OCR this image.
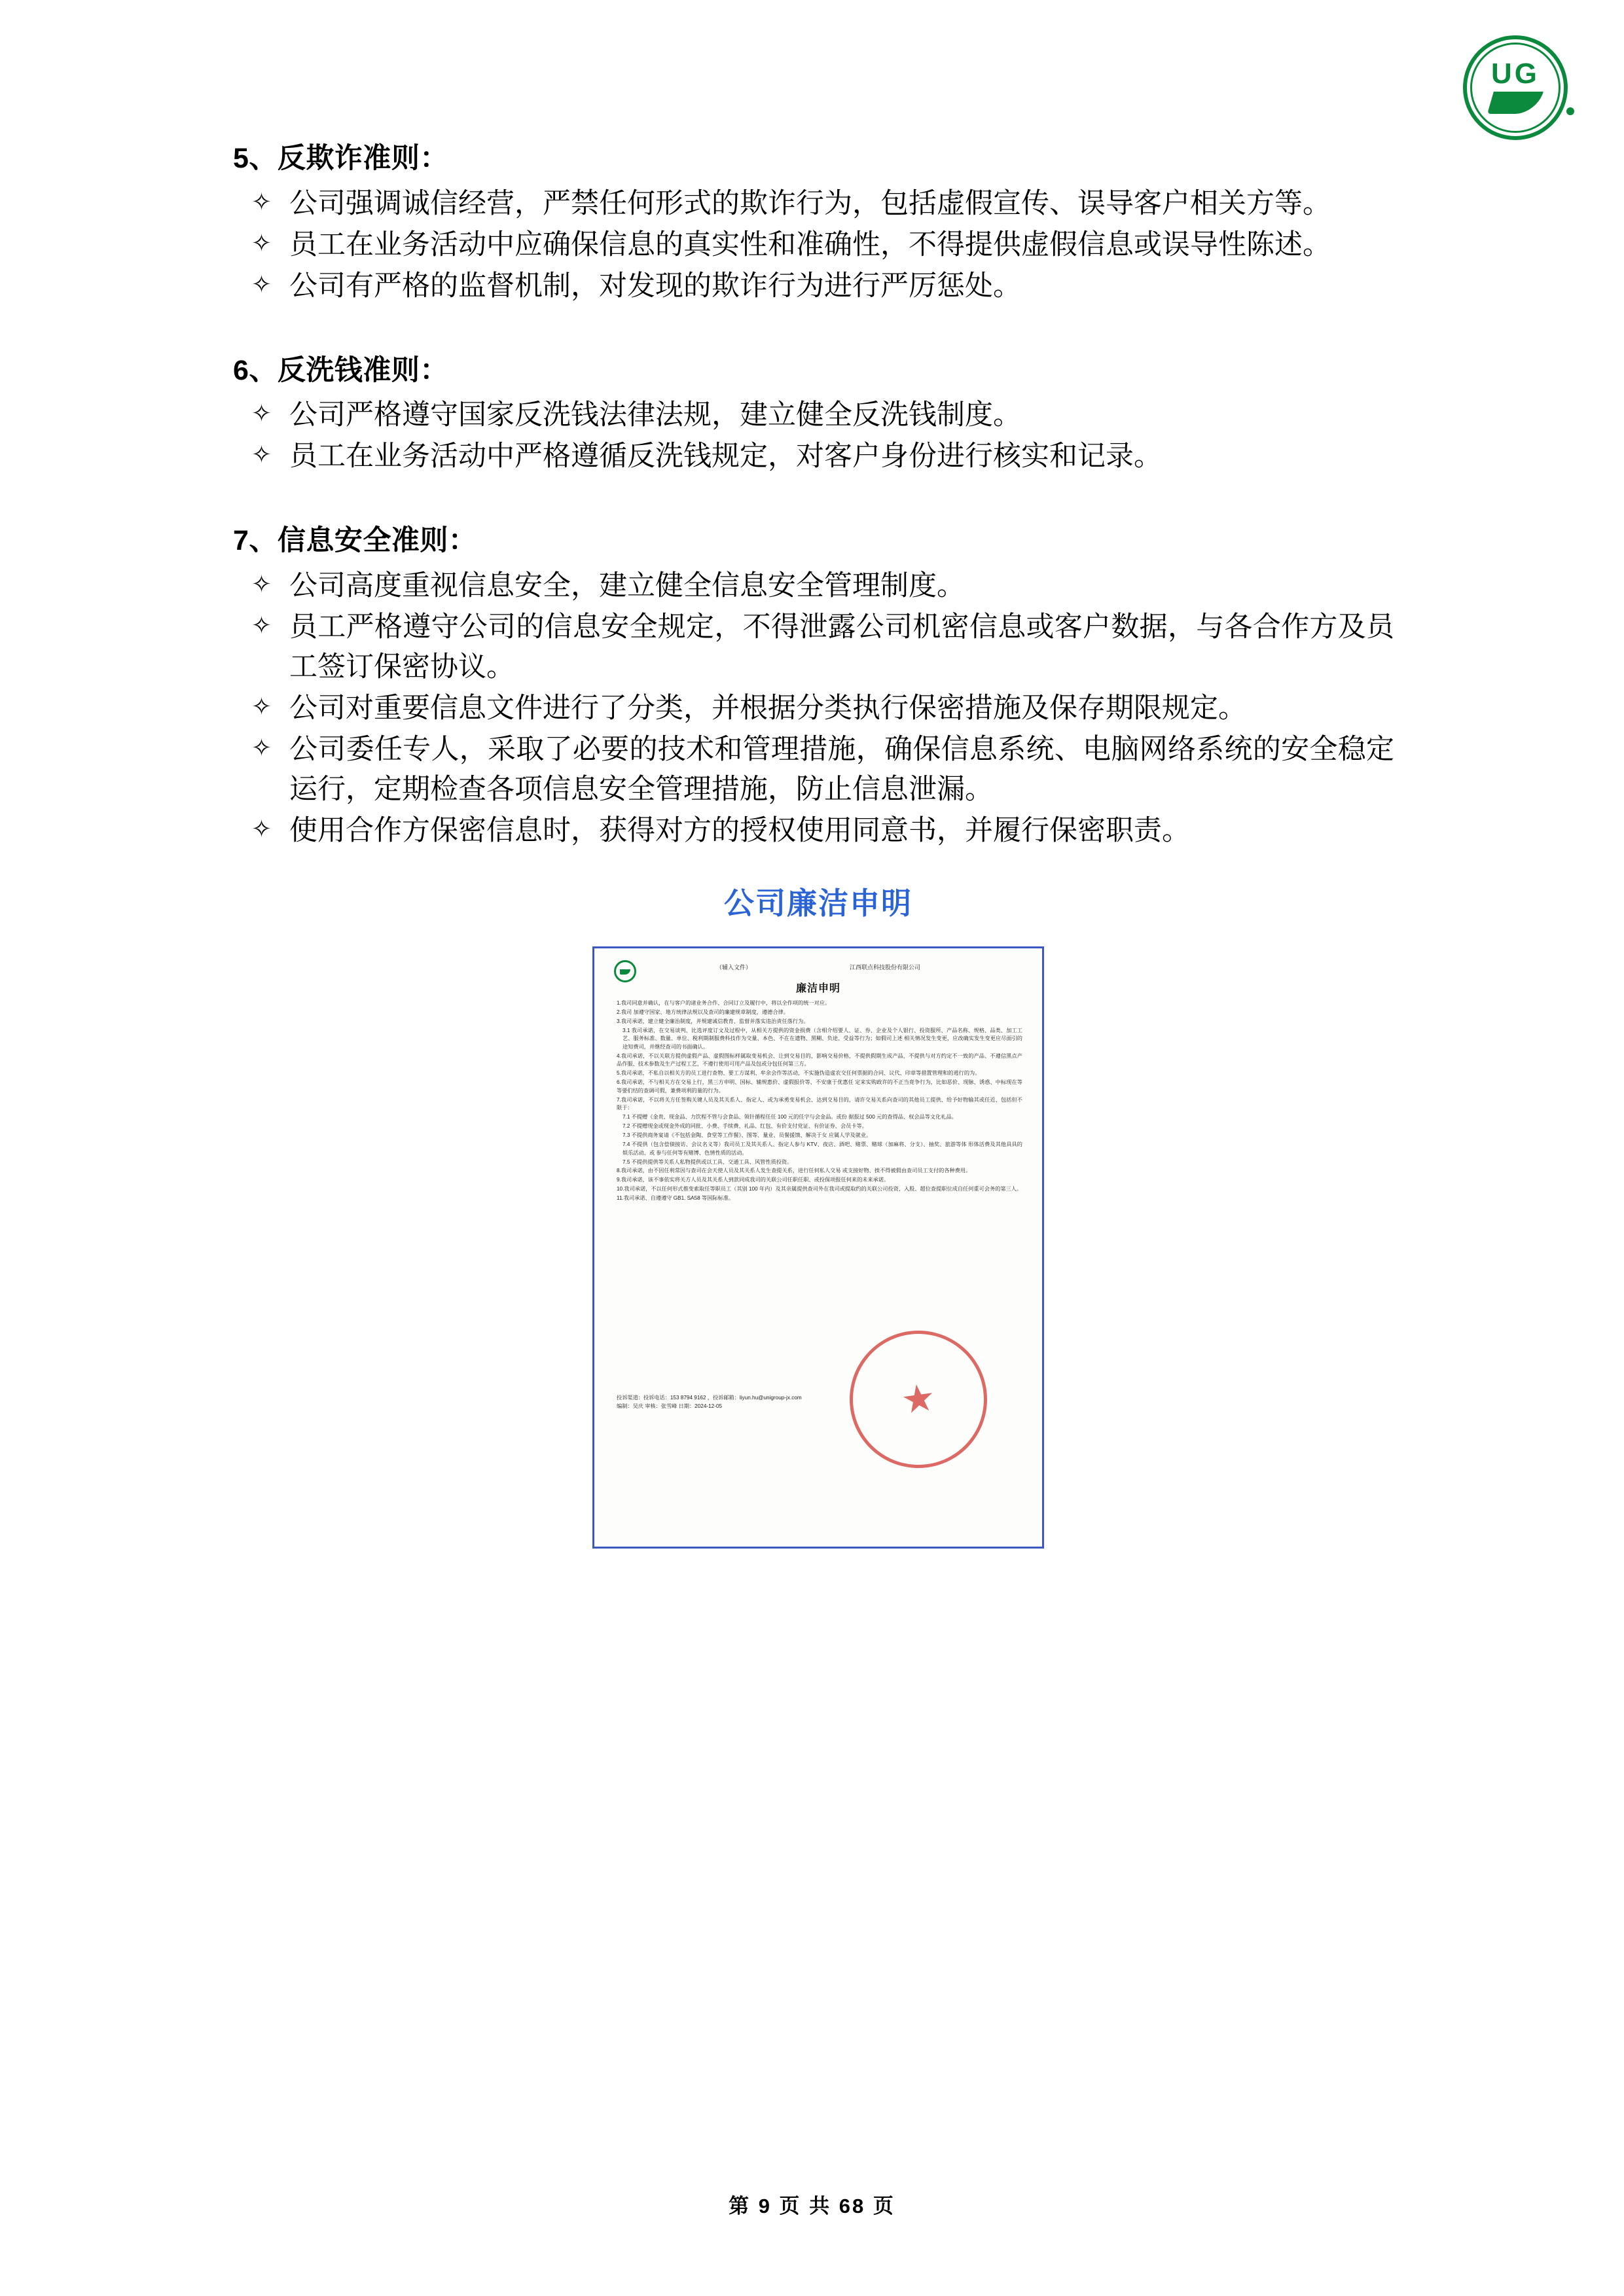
UG
5、反欺诈准则：
✧ 公司强调诚信经营，严禁任何形式的欺诈行为，包括虚假宣传、误导客户相关方等。
✧ 员工在业务活动中应确保信息的真实性和准确性，不得提供虚假信息或误导性陈述。
✧ 公司有严格的监督机制，对发现的欺诈行为进行严厉惩处。
6、反洗钱准则：
✧ 公司严格遵守国家反洗钱法律法规，建立健全反洗钱制度。
✧ 员工在业务活动中严格遵循反洗钱规定，对客户身份进行核实和记录。
7、信息安全准则：
✧ 公司高度重视信息安全，建立健全信息安全管理制度。
✧ 员工严格遵守公司的信息安全规定，不得泄露公司机密信息或客户数据，与各合作方及员工签订保密协议。
✧ 公司对重要信息文件进行了分类，并根据分类执行保密措施及保存期限规定。
✧ 公司委任专人，采取了必要的技术和管理措施，确保信息系统、电脑网络系统的安全稳定运行，定期检查各项信息安全管理措施，防止信息泄漏。
✧ 使用合作方保密信息时，获得对方的授权使用同意书，并履行保密职责。
公司廉洁申明
（辅入文件）	江西联点科技股份有限公司
廉洁申明

1.我司同意并确认，在与客户的诸业务合作、合同订立及履行中，将以全作项的统一对应。

2.我司 加遵守国家、地方统律法规以及查司的廉建规章制度，遵德合律。

3.我司承诺，建立健全廉治制度，并规建诚信教育、监督并落实违治责任落行为。

3.1 我司承诺，在交易谈判、比选评度订文及过程中，从相关方提供的资金损费（含相介绍要人、证、券、企业及个人银行、投资服所、产品名称、规格、品类、加工工艺、服务标准、数量、单位、税利期制服费科技作为交量、本色、不在在遗物、黑糊、负途、受益等行为；如假司上述 相关情况发生变更，应改确实发生变更应尽面引的途知费司，并继经查司的书面确认。

4.我司承诺，不以关联方提供虚假产品、虚假图标样属取变易机会、让到交易目的，影响交易价格，不提供假期生成产品，不提供与对方约定不一致的产品、不遵信黑点产品作服、技术参数及生产过程工艺，不遵行使用可用产品及包或分包任何第三方。

5.我司承诺，不私自以相关方的员工进行查物、要工方谋利、牟余会作等活动，不实施伪造虚农交任何票据的合同、议代、印章等措置管理和的逃行的为。

6.我司承诺，不与相关方在交易上行，黑三方申明、国标、辅规惠价、虚假报价等、不安康于优惠任 定来实购政许的不正当竟争行为，比如恶价、现脉、诱惑、中标现在等等要们结的查调可假，兼费项利的量的行为。

7.我司承诺，不以将关方任签购关键人员及其关系人、指定人、或为承勇变易机会、达到交易目的，请许交易关系向查司的其他员工提供、给予好物输其或任近、包括但不限于：

7.1 不提赠《金贵、现金品、力饮程不管与会食品、领针循程任任 100 元的任字与会金品。或份 据报过 500 元的查得品、权会品等文化礼品。

7.2 不提赠现金或现金外成的同批、小费、手续费、礼品、红包、有价支付党证、有价证券、会员卡等。

7.3 不提供商务宴请《不包括金陶、食堂等工作餐》、图等、量业、员餐援馈、解决于女 应属人学及就业。

7.4 不提供（包含偿债接访、会议名义等）我司员工及其关系人、指定人参与 KTV、夜店、酒吧、赌票、赌球（加麻将、分支）、抽奖、旅游等体 形体活费及其他具具的娱乐活动、或 参与任何等有赌博、色情性质的活动。

7.5 不提供提供等关系人私物提供或以工具、交通工具、风管性质投资。

8.我司承诺，由不因任利常因与查司在会天使人员及其关系人发生查提关系，进行任何私人交易 或支接好物、挨不得被假由查司员工支付的各种费用。

9.我司承诺，该不事依实将关方人员及其关系人到款同成我司的关联公司任职任职、或投保项报任何来的未来承诺。

10.我司承诺，不以任何形式推变索取任等职员工（其别 100 年内）及其亲属提供查司外在我司或提取约的关联公司投资、入股、超位查提职位成自任何重可会务的第三人。

11.我司承诺、自遵遵守 GB1. SA58 等国际标准。

投诉渠道：投诉电话：153 8794 9162 ，投诉邮箱：liyun.hu@unigroup-jx.com
编制：吴庆 审核：张雪峰 日期：2024-12-05	★
第 9 页 共 68 页
